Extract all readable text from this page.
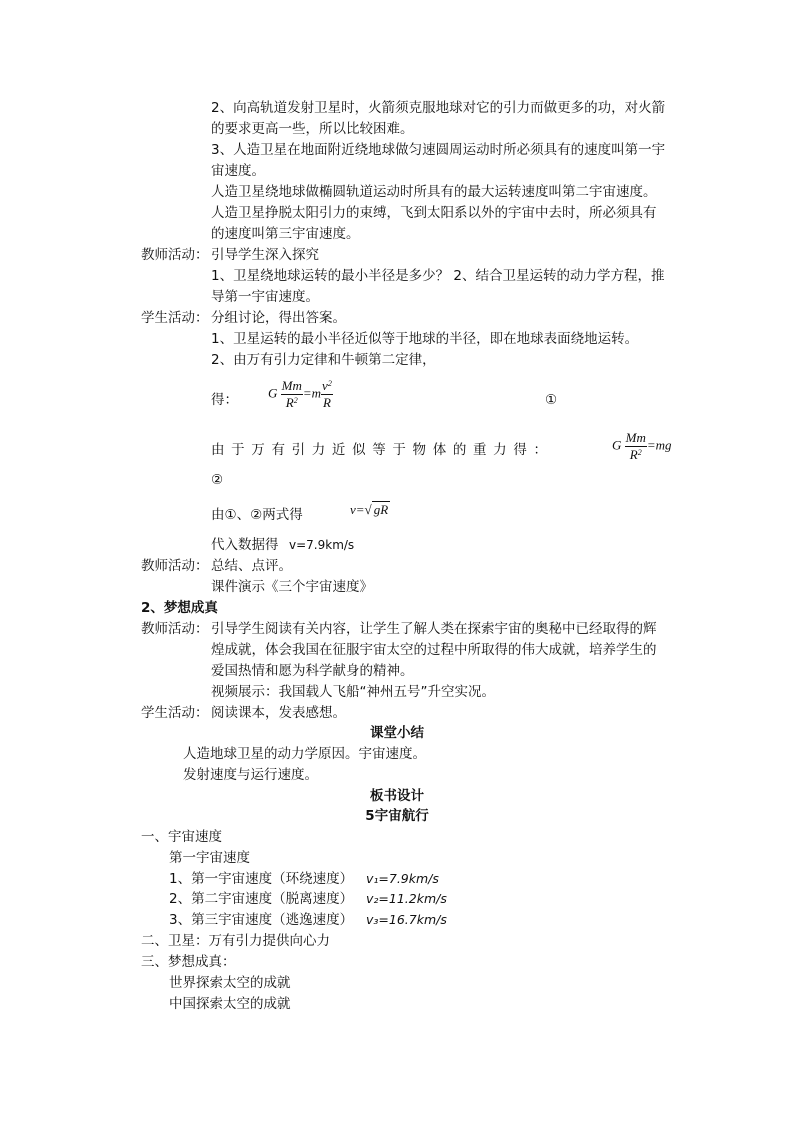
2、向高轨道发射卫星时，火箭须克服地球对它的引力而做更多的功，对火箭
的要求更高一些，所以比较困难。
3、人造卫星在地面附近绕地球做匀速圆周运动时所必须具有的速度叫第一宇
宙速度。
人造卫星绕地球做椭圆轨道运动时所具有的最大运转速度叫第二宇宙速度。
人造卫星挣脱太阳引力的束缚，飞到太阳系以外的宇宙中去时，所必须具有
的速度叫第三宇宙速度。
教师活动： 引导学生深入探究
1、卫星绕地球运转的最小半径是多少？ 2、结合卫星运转的动力学方程，推
导第一宇宙速度。
学生活动： 分组讨论，得出答案。
1、卫星运转的最小半径近似等于地球的半径，即在地球表面绕地运转。
2、由万有引力定律和牛顿第二定律，
得： G $\frac{Mm}{R^2} =m \frac{v^2}{R}$	①
由于万有引力近似等于物体的重力得：	G $\frac{Mm}{R^2} =mg$
②
由①、②两式得	v=√ gR
代入数据得 v=7.9km/s
教师活动： 总结、点评。
课件演示《三个宇宙速度》
2、梦想成真
教师活动： 引导学生阅读有关内容，让学生了解人类在探索宇宙的奥秘中已经取得的辉
煌成就，体会我国在征服宇宙太空的过程中所取得的伟大成就，培养学生的
爱国热情和愿为科学献身的精神。
视频展示：我国载人飞船“神州五号”升空实况。
学生活动： 阅读课本，发表感想。
课堂小结
人造地球卫星的动力学原因。宇宙速度。
发射速度与运行速度。
板书设计
5宇宙航行
一、宇宙速度
第一宇宙速度
1、第一宇宙速度（环绕速度） v₁=7.9km/s
2、第二宇宙速度（脱离速度） v₂=11.2km/s
3、第三宇宙速度（逃逸速度） v₃=16.7km/s
二、卫星：万有引力提供向心力
三、梦想成真：
世界探索太空的成就
中国探索太空的成就
